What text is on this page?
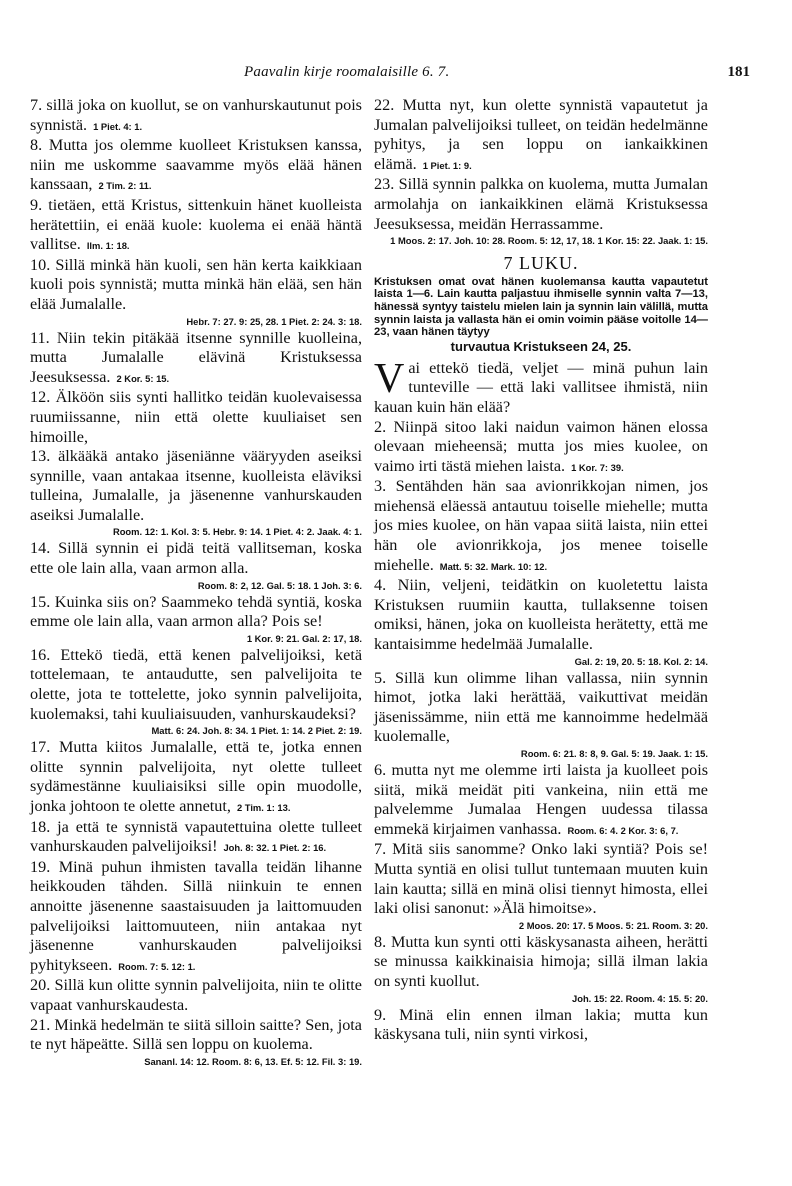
Paavalin kirje roomalaisille 6. 7.	181

7. sillä joka on kuollut, se on vanhurskautunut pois synnistä. 1 Piet. 4: 1.

8. Mutta jos olemme kuolleet Kristuksen kanssa, niin me uskomme saavamme myös elää hänen kanssaan, 2 Tim. 2: 11.

9. tietäen, että Kristus, sittenkuin hänet kuolleista herätettiin, ei enää kuole: kuolema ei enää häntä vallitse. Ilm. 1: 18.

10. Sillä minkä hän kuoli, sen hän kerta kaikkiaan kuoli pois synnistä; mutta minkä hän elää, sen hän elää Jumalalle.
Hebr. 7: 27. 9: 25, 28. 1 Piet. 2: 24. 3: 18.

11. Niin tekin pitäkää itsenne synnille kuolleina, mutta Jumalalle elävinä Kristuksessa Jeesuksessa. 2 Kor. 5: 15.

12. Älköön siis synti hallitko teidän kuolevaisessa ruumiissanne, niin että olette kuuliaiset sen himoille,

13. älkääkä antako jäseniänne vääryyden aseiksi synnille, vaan antakaa itsenne, kuolleista eläviksi tulleina, Jumalalle, ja jäsenenne vanhurskauden aseiksi Jumalalle.
Room. 12: 1. Kol. 3: 5. Hebr. 9: 14. 1 Piet. 4: 2. Jaak. 4: 1.

14. Sillä synnin ei pidä teitä vallitseman, koska ette ole lain alla, vaan armon alla.
Room. 8: 2, 12. Gal. 5: 18. 1 Joh. 3: 6.

15. Kuinka siis on? Saammeko tehdä syntiä, koska emme ole lain alla, vaan armon alla? Pois se!
1 Kor. 9: 21. Gal. 2: 17, 18.

16. Ettekö tiedä, että kenen palvelijoiksi, ketä tottelemaan, te antaudutte, sen palvelijoita te olette, jota te tottelette, joko synnin palvelijoita, kuolemaksi, tahi kuuliaisuuden, vanhurskaudeksi?
Matt. 6: 24. Joh. 8: 34. 1 Piet. 1: 14. 2 Piet. 2: 19.

17. Mutta kiitos Jumalalle, että te, jotka ennen olitte synnin palvelijoita, nyt olette tulleet sydämestänne kuuliaisiksi sille opin muodolle, jonka johtoon te olette annetut, 2 Tim. 1: 13.

18. ja että te synnistä vapautettuina olette tulleet vanhurskauden palvelijoiksi! Joh. 8: 32. 1 Piet. 2: 16.

19. Minä puhun ihmisten tavalla teidän lihanne heikkouden tähden. Sillä niinkuin te ennen annoitte jäsenenne saastaisuuden ja laittomuuden palvelijoiksi laittomuuteen, niin antakaa nyt jäsenenne vanhurskauden palvelijoiksi pyhitykseen. Room. 7: 5. 12: 1.

20. Sillä kun olitte synnin palvelijoita, niin te olitte vapaat vanhurskaudesta.

21. Minkä hedelmän te siitä silloin saitte? Sen, jota te nyt häpeätte. Sillä sen loppu on kuolema.
Sananl. 14: 12. Room. 8: 6, 13. Ef. 5: 12. Fil. 3: 19.

22. Mutta nyt, kun olette synnistä vapautetut ja Jumalan palvelijoiksi tulleet, on teidän hedelmänne pyhitys, ja sen loppu on iankaikkinen elämä. 1 Piet. 1: 9.

23. Sillä synnin palkka on kuolema, mutta Jumalan armolahja on iankaikkinen elämä Kristuksessa Jeesuksessa, meidän Herrassamme.
1 Moos. 2: 17. Joh. 10: 28. Room. 5: 12, 17, 18. 1 Kor. 15: 22. Jaak. 1: 15.

7 LUKU.

Kristuksen omat ovat hänen kuolemansa kautta vapautetut laista 1—6. Lain kautta paljastuu ihmiselle synnin valta 7—13, hänessä syntyy taistelu mielen lain ja synnin lain välillä, mutta synnin laista ja vallasta hän ei omin voimin pääse voitolle 14—23, vaan hänen täytyy

turvautua Kristukseen 24, 25.

Vai ettekö tiedä, veljet — minä puhun lain tunteville — että laki vallitsee ihmistä, niin kauan kuin hän elää?

2. Niinpä sitoo laki naidun vaimon hänen elossa olevaan mieheensä; mutta jos mies kuolee, on vaimo irti tästä miehen laista. 1 Kor. 7: 39.

3. Sentähden hän saa avionrikkojan nimen, jos miehensä eläessä antautuu toiselle miehelle; mutta jos mies kuolee, on hän vapaa siitä laista, niin ettei hän ole avionrikkoja, jos menee toiselle miehelle. Matt. 5: 32. Mark. 10: 12.

4. Niin, veljeni, teidätkin on kuoletettu laista Kristuksen ruumiin kautta, tullaksenne toisen omiksi, hänen, joka on kuolleista herätetty, että me kantaisimme hedelmää Jumalalle.
Gal. 2: 19, 20. 5: 18. Kol. 2: 14.

5. Sillä kun olimme lihan vallassa, niin synnin himot, jotka laki herättää, vaikuttivat meidän jäsenissämme, niin että me kannoimme hedelmää kuolemalle,
Room. 6: 21. 8: 8, 9. Gal. 5: 19. Jaak. 1: 15.

6. mutta nyt me olemme irti laista ja kuolleet pois siitä, mikä meidät piti vankeina, niin että me palvelemme Jumalaa Hengen uudessa tilassa emmekä kirjaimen vanhassa. Room. 6: 4. 2 Kor. 3: 6, 7.

7. Mitä siis sanomme? Onko laki syntiä? Pois se! Mutta syntiä en olisi tullut tuntemaan muuten kuin lain kautta; sillä en minä olisi tiennyt himosta, ellei laki olisi sanonut: »Älä himoitse».
2 Moos. 20: 17. 5 Moos. 5: 21. Room. 3: 20.

8. Mutta kun synti otti käskysanasta aiheen, herätti se minussa kaikkinaisia himoja; sillä ilman lakia on synti kuollut.
Joh. 15: 22. Room. 4: 15. 5: 20.

9. Minä elin ennen ilman lakia; mutta kun käskysana tuli, niin synti virkosi,
